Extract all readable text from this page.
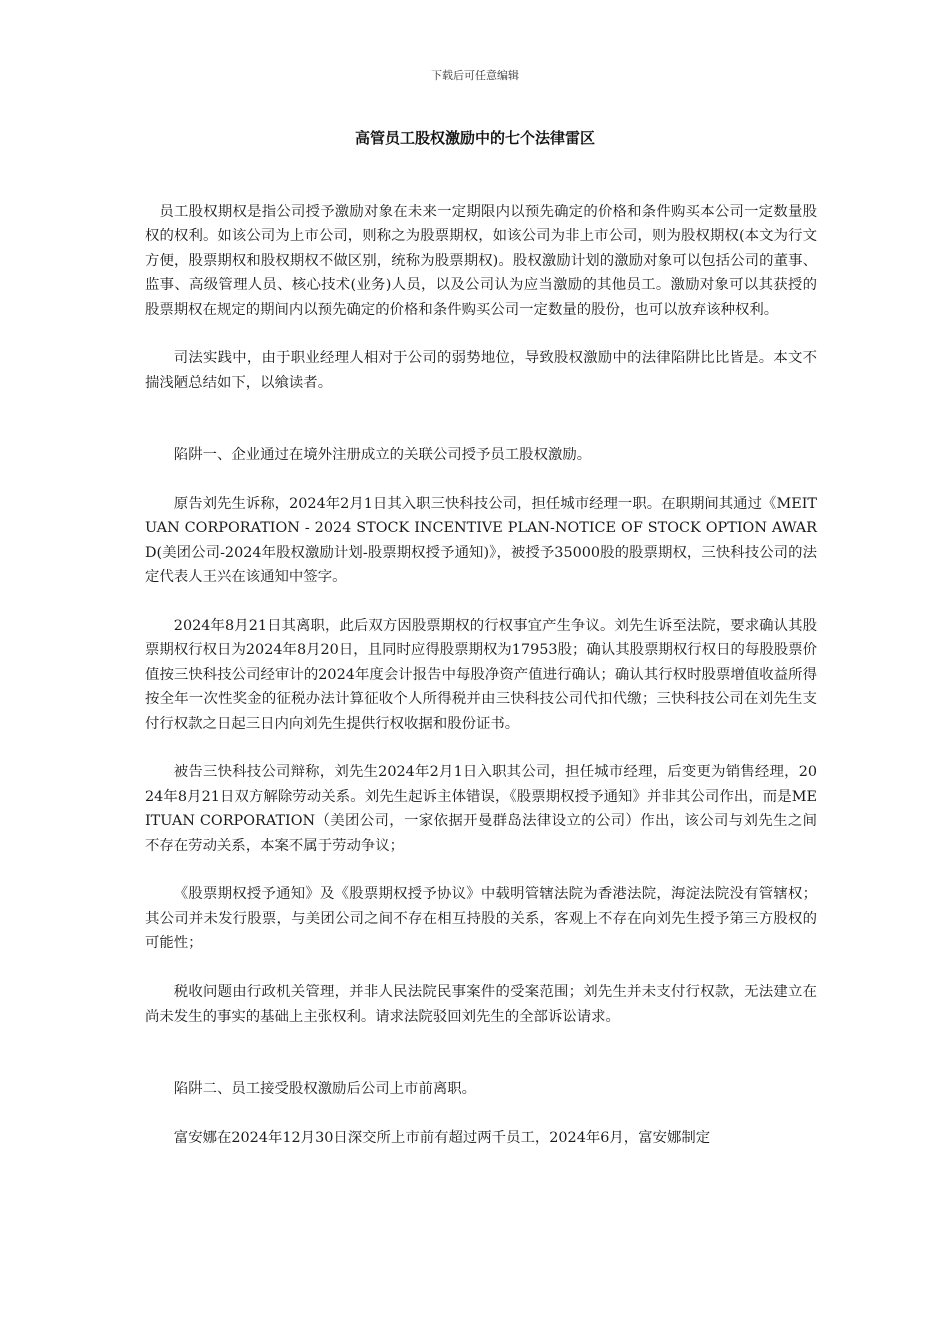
下载后可任意编辑
高管员工股权激励中的七个法律雷区

员工股权期权是指公司授予激励对象在未来一定期限内以预先确定的价格和条件购买本公司一定数量股权的权利。如该公司为上市公司，则称之为股票期权，如该公司为非上市公司，则为股权期权(本文为行文方便，股票期权和股权期权不做区别，统称为股票期权)。股权激励计划的激励对象可以包括公司的董事、监事、高级管理人员、核心技术(业务)人员，以及公司认为应当激励的其他员工。激励对象可以其获授的股票期权在规定的期间内以预先确定的价格和条件购买公司一定数量的股份，也可以放弃该种权利。

司法实践中，由于职业经理人相对于公司的弱势地位，导致股权激励中的法律陷阱比比皆是。本文不揣浅陋总结如下，以飨读者。

陷阱一、企业通过在境外注册成立的关联公司授予员工股权激励。

原告刘先生诉称，2024年2月1日其入职三快科技公司，担任城市经理一职。在职期间其通过《MEITUAN CORPORATION - 2024 STOCK INCENTIVE PLAN-NOTICE OF STOCK OPTION AWARD(美团公司-2024年股权激励计划-股票期权授予通知)》，被授予35000股的股票期权，三快科技公司的法定代表人王兴在该通知中签字。

2024年8月21日其离职，此后双方因股票期权的行权事宜产生争议。刘先生诉至法院，要求确认其股票期权行权日为2024年8月20日，且同时应得股票期权为17953股；确认其股票期权行权日的每股股票价值按三快科技公司经审计的2024年度会计报告中每股净资产值进行确认；确认其行权时股票增值收益所得按全年一次性奖金的征税办法计算征收个人所得税并由三快科技公司代扣代缴；三快科技公司在刘先生支付行权款之日起三日内向刘先生提供行权收据和股份证书。

被告三快科技公司辩称，刘先生2024年2月1日入职其公司，担任城市经理，后变更为销售经理，2024年8月21日双方解除劳动关系。刘先生起诉主体错误，《股票期权授予通知》并非其公司作出，而是MEITUAN CORPORATION（美团公司，一家依据开曼群岛法律设立的公司）作出，该公司与刘先生之间不存在劳动关系，本案不属于劳动争议；

《股票期权授予通知》及《股票期权授予协议》中载明管辖法院为香港法院，海淀法院没有管辖权；其公司并未发行股票，与美团公司之间不存在相互持股的关系，客观上不存在向刘先生授予第三方股权的可能性；

税收问题由行政机关管理，并非人民法院民事案件的受案范围；刘先生并未支付行权款，无法建立在尚未发生的事实的基础上主张权利。请求法院驳回刘先生的全部诉讼请求。

陷阱二、员工接受股权激励后公司上市前离职。

富安娜在2024年12月30日深交所上市前有超过两千员工，2024年6月，富安娜制定
